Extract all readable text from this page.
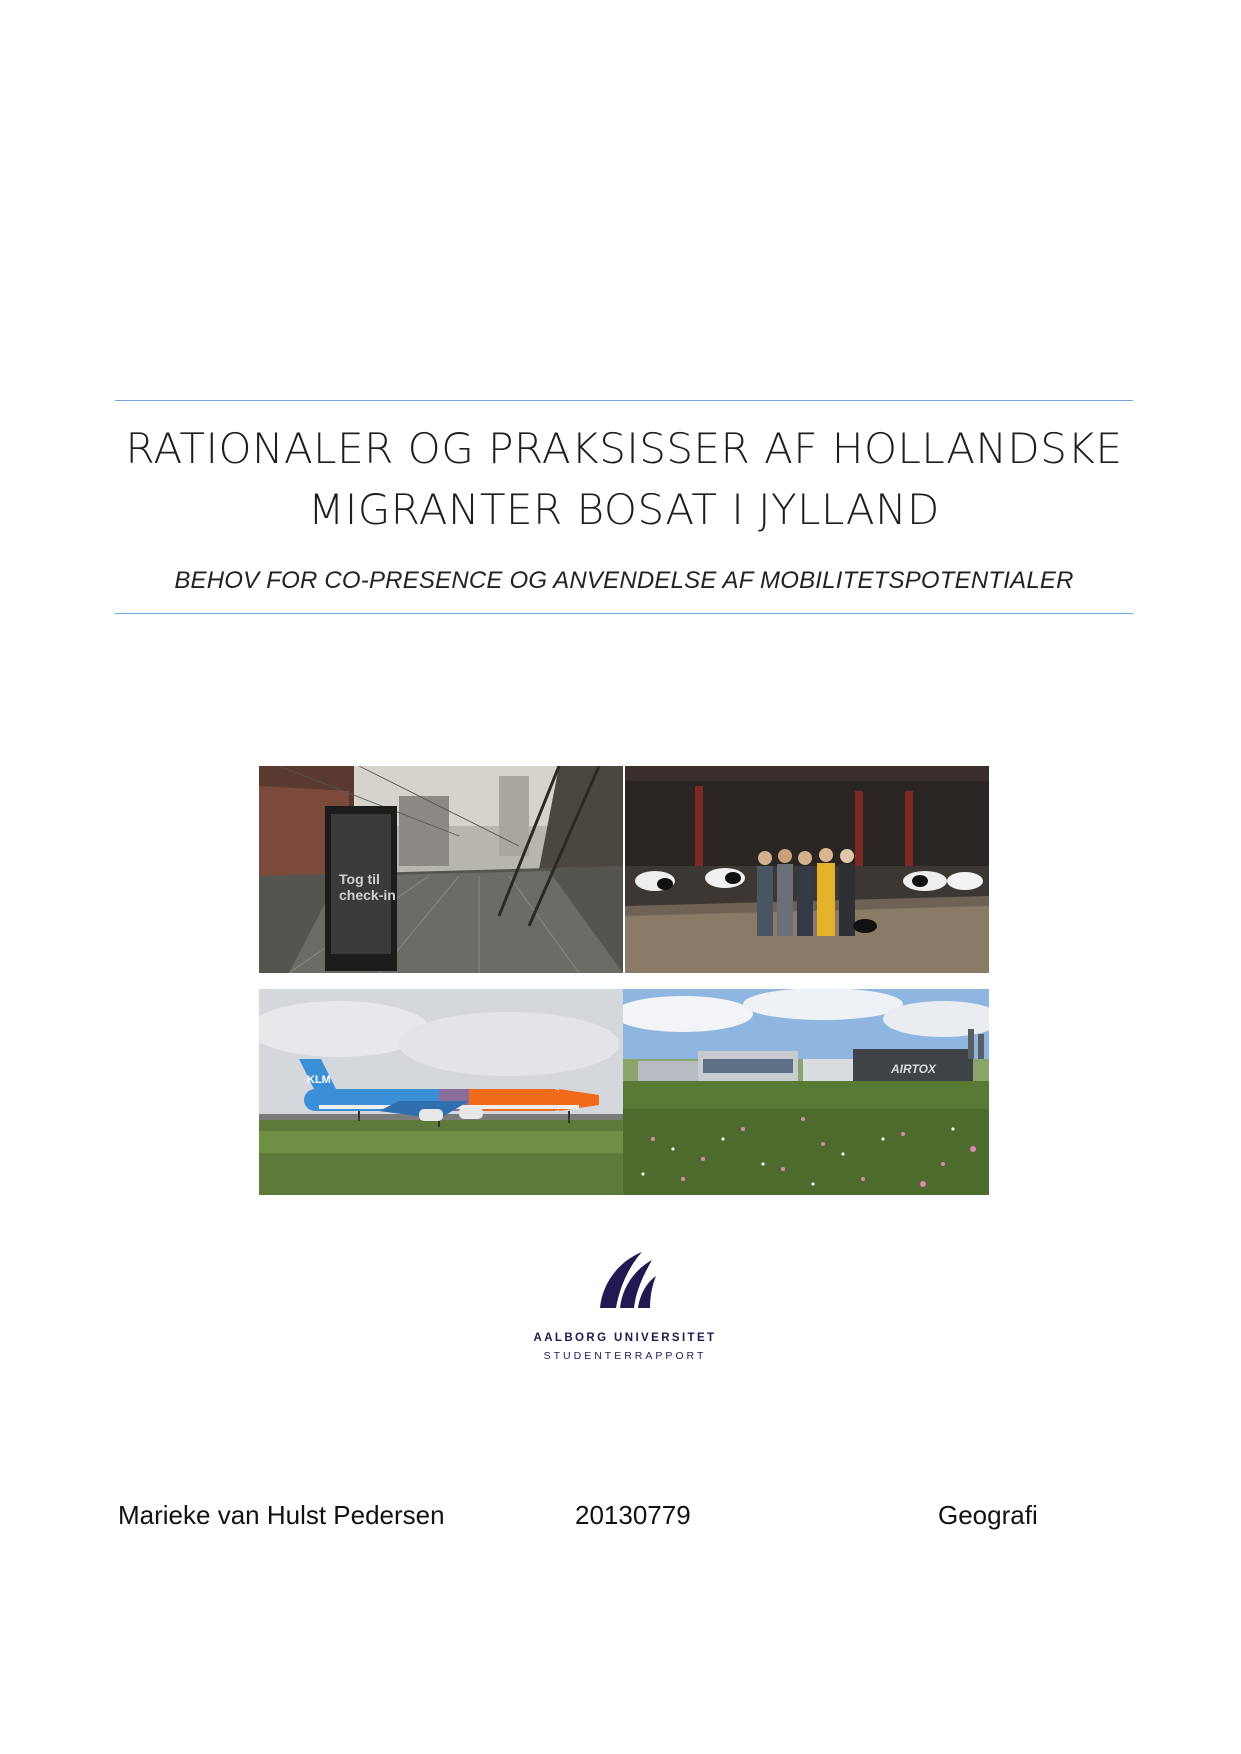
RATIONALER OG PRAKSISSER AF HOLLANDSKE
MIGRANTER BOSAT I JYLLAND
BEHOV FOR CO-PRESENCE OG ANVENDELSE AF MOBILITETSPOTENTIALER
Tog til
check-in
KLM
AIRTOX
AALBORG UNIVERSITET
STUDENTERRAPPORT
Marieke van Hulst Pedersen	20130779	Geografi
